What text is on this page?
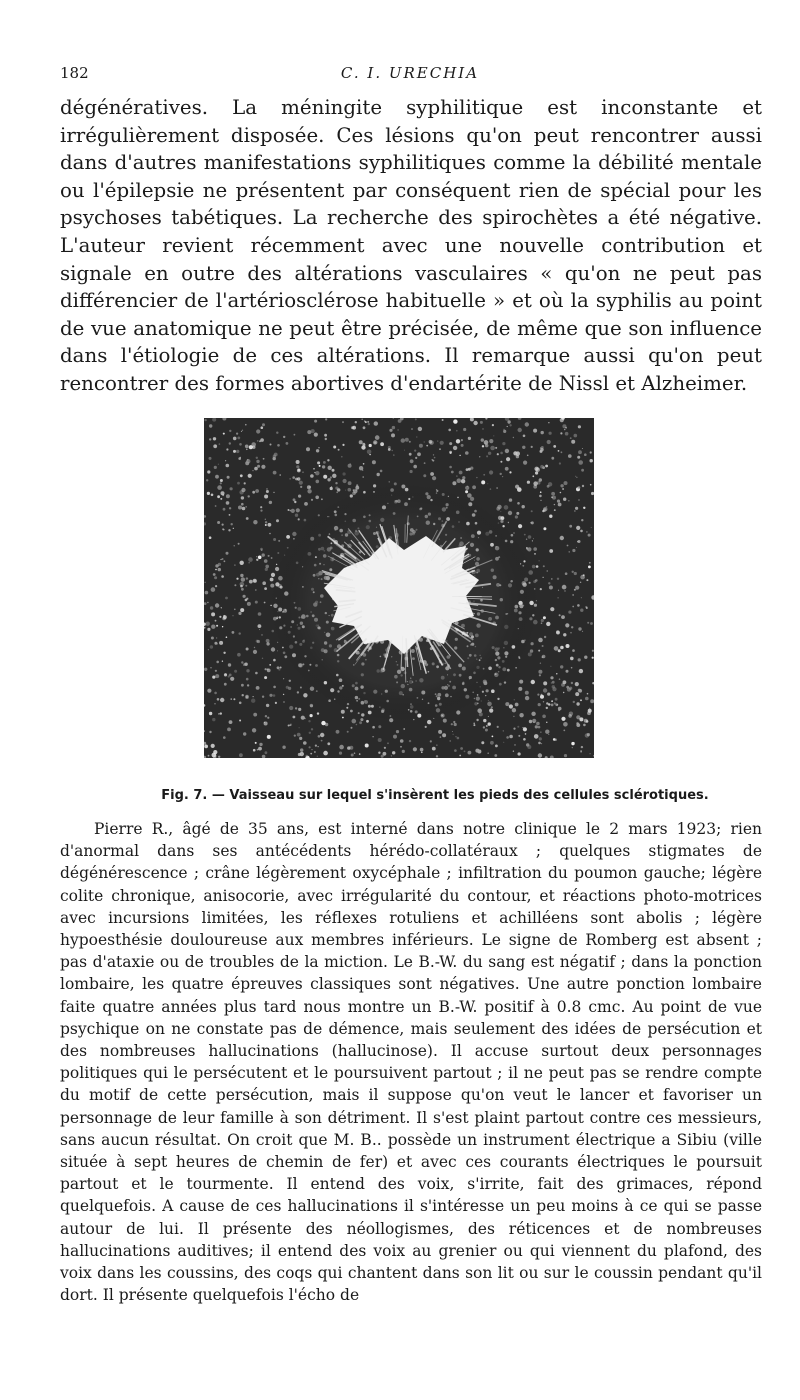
182	C. I. URECHIA

dégénératives. La méningite syphilitique est inconstante et irrégulièrement disposée. Ces lésions qu'on peut rencontrer aussi dans d'autres manifestations syphilitiques comme la débilité mentale ou l'épilepsie ne présentent par conséquent rien de spécial pour les psychoses tabétiques. La recherche des spirochètes a été négative. L'auteur revient récemment avec une nouvelle contribution et signale en outre des altérations vasculaires « qu'on ne peut pas différencier de l'artériosclérose habituelle » et où la syphilis au point de vue anatomique ne peut être précisée, de même que son influence dans l'étiologie de ces altérations. Il remarque aussi qu'on peut rencontrer des formes abortives d'endartérite de Nissl et Alzheimer.

Fig. 7. — Vaisseau sur lequel s'insèrent les pieds des cellules sclérotiques.

Pierre R., âgé de 35 ans, est interné dans notre clinique le 2 mars 1923; rien d'anormal dans ses antécédents hérédo-collatéraux ; quelques stigmates de dégénérescence ; crâne légèrement oxycéphale ; infiltration du poumon gauche; légère colite chronique, anisocorie, avec irrégularité du contour, et réactions photo-motrices avec incursions limitées, les réflexes rotuliens et achilléens sont abolis ; légère hypoesthésie douloureuse aux membres inférieurs. Le signe de Romberg est absent ; pas d'ataxie ou de troubles de la miction. Le B.-W. du sang est négatif ; dans la ponction lombaire, les quatre épreuves classiques sont négatives. Une autre ponction lombaire faite quatre années plus tard nous montre un B.-W. positif à 0.8 cmc. Au point de vue psychique on ne constate pas de démence, mais seulement des idées de persécution et des nombreuses hallucinations (hallucinose). Il accuse surtout deux personnages politiques qui le persécutent et le poursuivent partout ; il ne peut pas se rendre compte du motif de cette persécution, mais il suppose qu'on veut le lancer et favoriser un personnage de leur famille à son détriment. Il s'est plaint partout contre ces messieurs, sans aucun résultat. On croit que M. B.. possède un instrument électrique a Sibiu (ville située à sept heures de chemin de fer) et avec ces courants électriques le poursuit partout et le tourmente. Il entend des voix, s'irrite, fait des grimaces, répond quelquefois. A cause de ces hallucinations il s'intéresse un peu moins à ce qui se passe autour de lui. Il présente des néollogismes, des réticences et de nombreuses hallucinations auditives; il entend des voix au grenier ou qui viennent du plafond, des voix dans les coussins, des coqs qui chantent dans son lit ou sur le coussin pendant qu'il dort. Il présente quelquefois l'écho de
